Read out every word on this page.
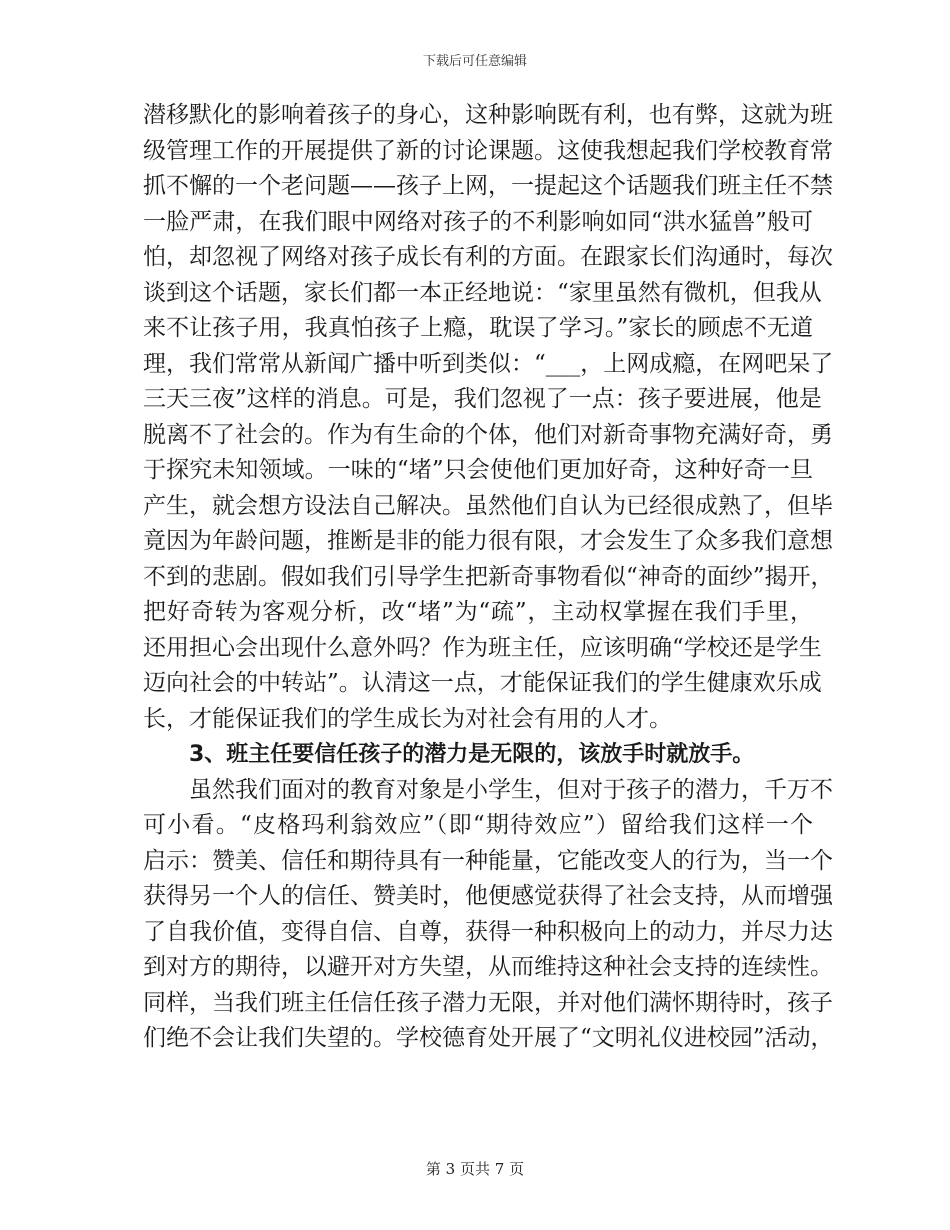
下载后可任意编辑
潜移默化的影响着孩子的身心，这种影响既有利，也有弊，这就为班
级管理工作的开展提供了新的讨论课题。这使我想起我们学校教育常
抓不懈的一个老问题——孩子上网，一提起这个话题我们班主任不禁
一脸严肃，在我们眼中网络对孩子的不利影响如同“洪水猛兽”般可
怕，却忽视了网络对孩子成长有利的方面。在跟家长们沟通时，每次
谈到这个话题，家长们都一本正经地说：“家里虽然有微机，但我从
来不让孩子用，我真怕孩子上瘾，耽误了学习。”家长的顾虑不无道
理，我们常常从新闻广播中听到类似：“___，上网成瘾，在网吧呆了
三天三夜”这样的消息。可是，我们忽视了一点：孩子要进展，他是
脱离不了社会的。作为有生命的个体，他们对新奇事物充满好奇，勇
于探究未知领域。一味的“堵”只会使他们更加好奇，这种好奇一旦
产生，就会想方设法自己解决。虽然他们自认为已经很成熟了，但毕
竟因为年龄问题，推断是非的能力很有限，才会发生了众多我们意想
不到的悲剧。假如我们引导学生把新奇事物看似“神奇的面纱”揭开，
把好奇转为客观分析，改“堵”为“疏”，主动权掌握在我们手里，
还用担心会出现什么意外吗？作为班主任，应该明确“学校还是学生
迈向社会的中转站”。认清这一点，才能保证我们的学生健康欢乐成
长，才能保证我们的学生成长为对社会有用的人才。
3、班主任要信任孩子的潜力是无限的，该放手时就放手。
虽然我们面对的教育对象是小学生，但对于孩子的潜力，千万不
可小看。“皮格玛利翁效应”（即“期待效应”）留给我们这样一个
启示：赞美、信任和期待具有一种能量，它能改变人的行为，当一个
获得另一个人的信任、赞美时，他便感觉获得了社会支持，从而增强
了自我价值，变得自信、自尊，获得一种积极向上的动力，并尽力达
到对方的期待，以避开对方失望，从而维持这种社会支持的连续性。
同样，当我们班主任信任孩子潜力无限，并对他们满怀期待时，孩子
们绝不会让我们失望的。学校德育处开展了“文明礼仪进校园”活动，
第 3 页共 7 页
